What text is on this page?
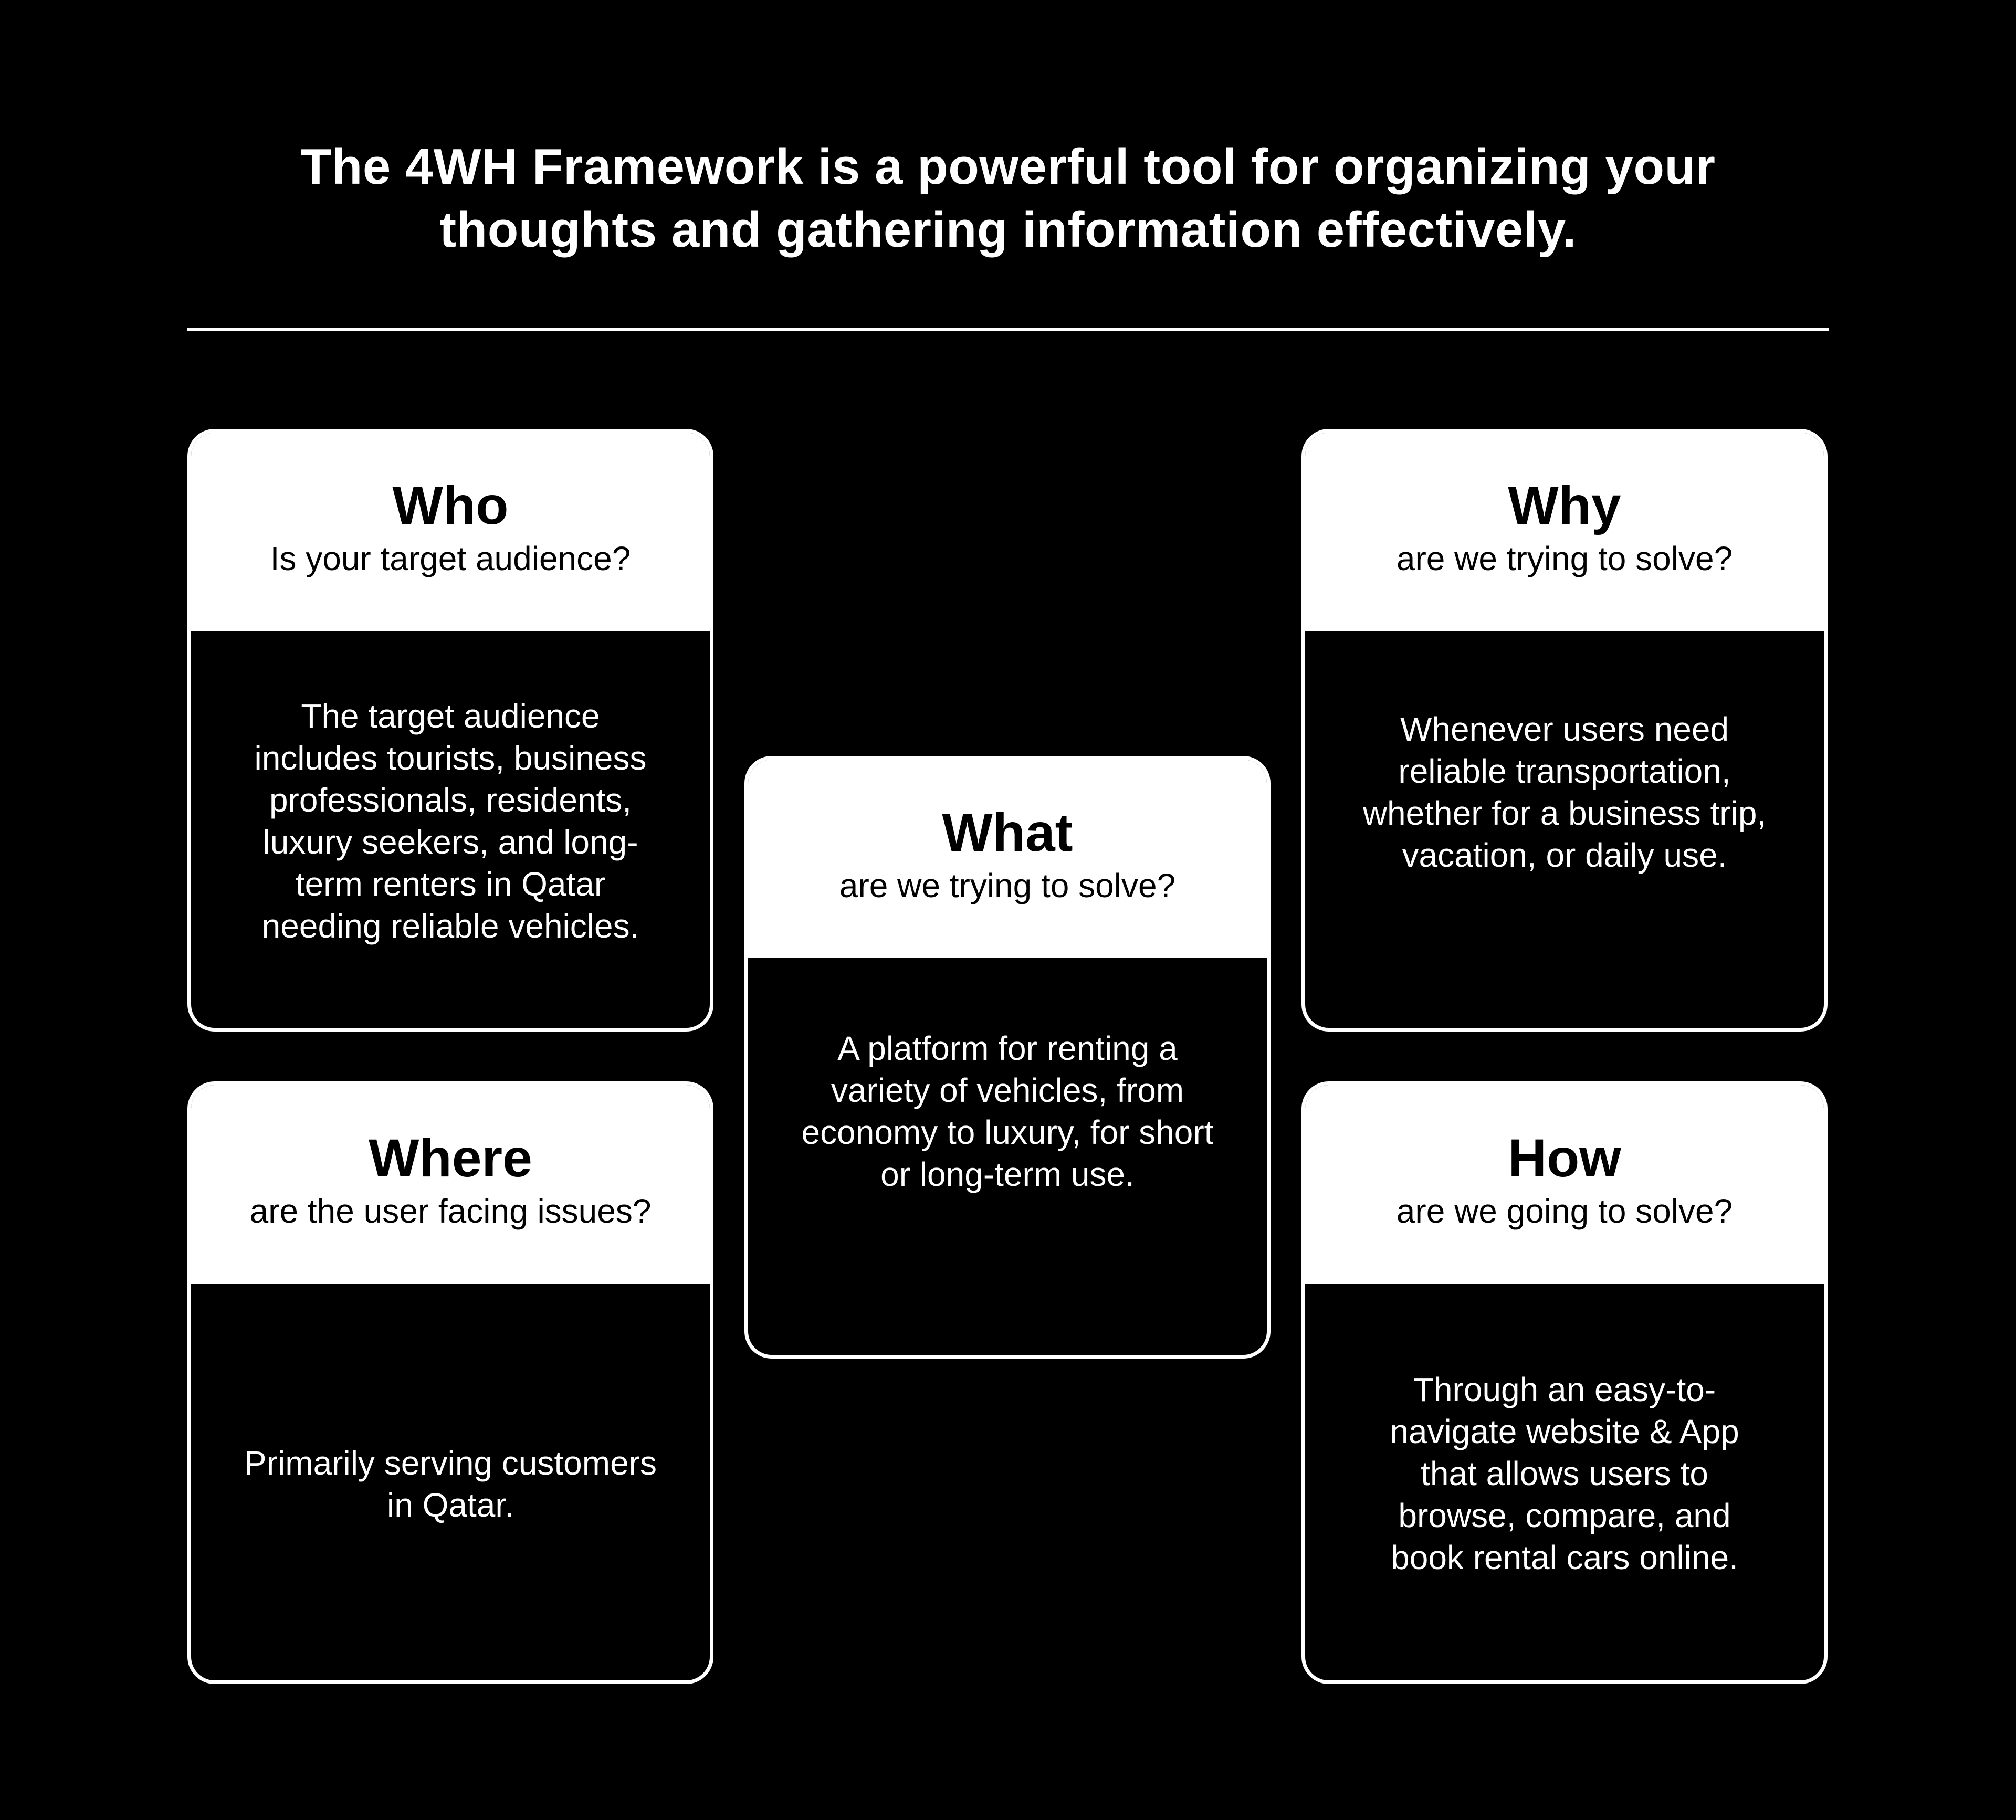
The 4WH Framework is a powerful tool for organizing your thoughts and gathering information effectively.
Who
Is your target audience?
The target audience includes tourists, business professionals, residents, luxury seekers, and long-term renters in Qatar needing reliable vehicles.
Why
are we trying to solve?
Whenever users need reliable transportation, whether for a business trip, vacation, or daily use.
What
are we trying to solve?
A platform for renting a variety of vehicles, from economy to luxury, for short or long-term use.
Where
are the user facing issues?
Primarily serving customers in Qatar.
How
are we going to solve?
Through an easy-to-navigate website & App that allows users to browse, compare, and book rental cars online.
